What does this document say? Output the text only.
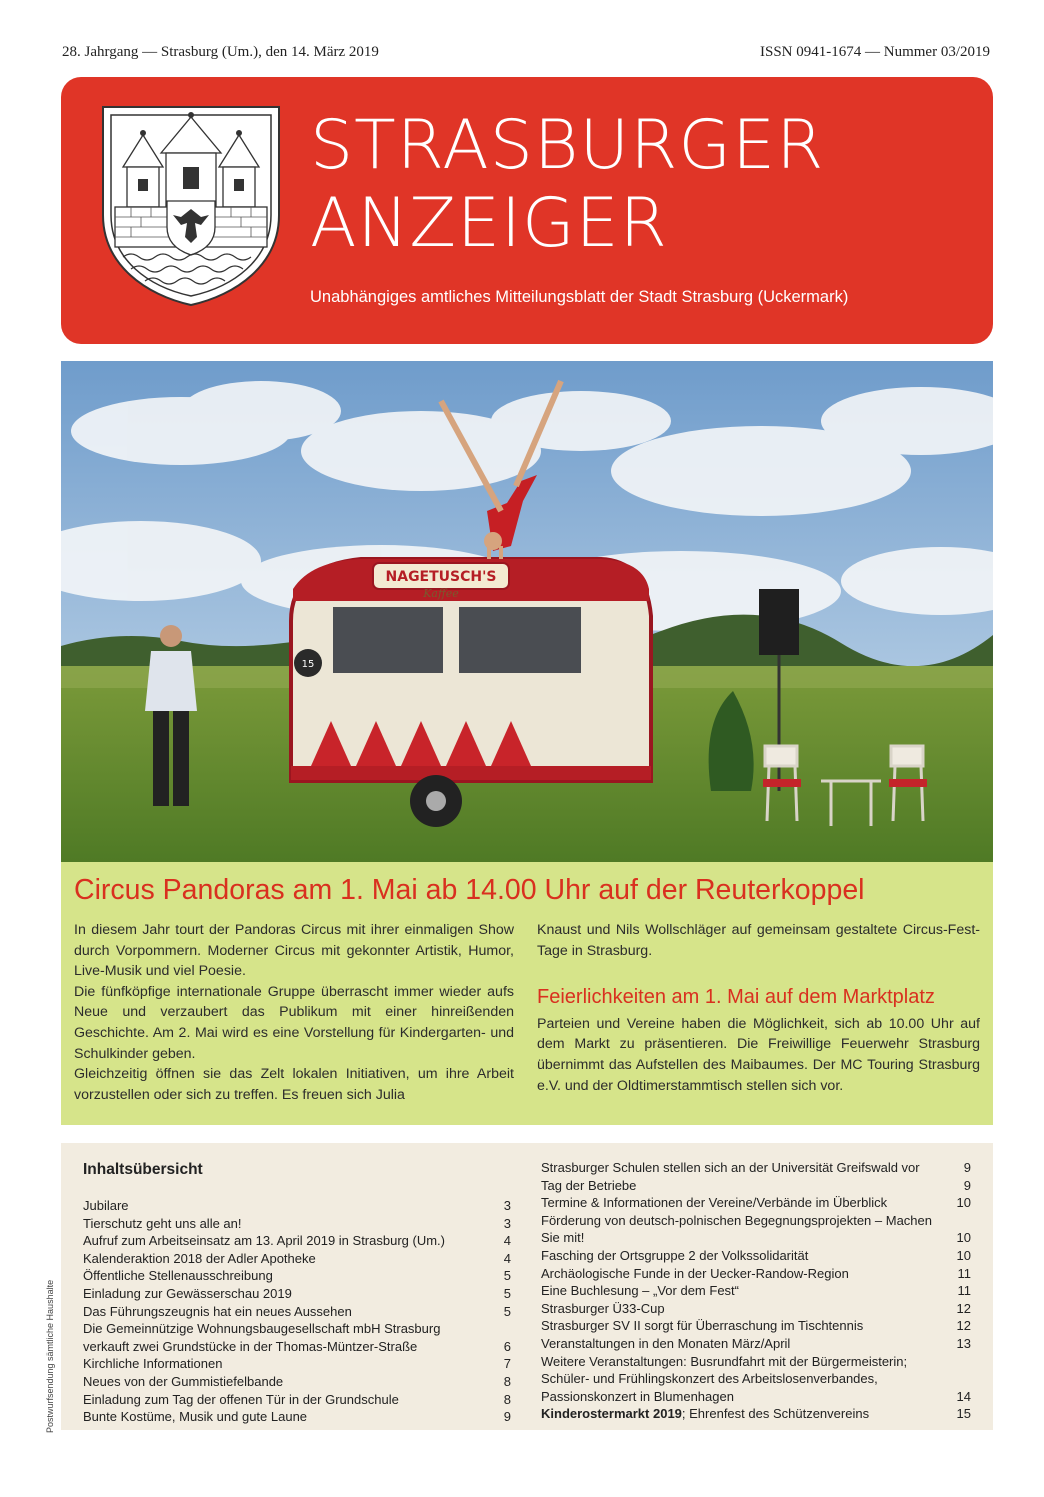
28. Jahrgang — Strasburg (Um.), den 14. März 2019	ISSN 0941-1674 — Nummer 03/2019
STRASBURGER
ANZEIGER
Unabhängiges amtliches Mitteilungsblatt der Stadt Strasburg (Uckermark)
NAGETUSCH'S
Kaffee
15
Circus Pandoras am 1. Mai ab 14.00 Uhr auf der Reuterkoppel

In diesem Jahr tourt der Pandoras Circus mit ihrer einmaligen Show durch Vorpommern. Moderner Circus mit gekonnter Artistik, Humor, Live-Musik und viel Poesie.

Die fünfköpfige internationale Gruppe überrascht immer wieder aufs Neue und verzaubert das Publikum mit einer hinreißenden Geschichte. Am 2. Mai wird es eine Vorstellung für Kindergarten- und Schulkinder geben.

Gleichzeitig öffnen sie das Zelt lokalen Initiativen, um ihre Arbeit vorzustellen oder sich zu treffen. Es freuen sich Julia

Knaust und Nils Wollschläger auf gemeinsam gestaltete Circus-Fest-Tage in Strasburg.

Feierlichkeiten am 1. Mai auf dem Marktplatz

Parteien und Vereine haben die Möglichkeit, sich ab 10.00 Uhr auf dem Markt zu präsentieren. Die Freiwillige Feuerwehr Strasburg übernimmt das Aufstellen des Maibaumes. Der MC Touring Strasburg e.V. und der Oldtimerstammtisch stellen sich vor.

Inhaltsübersicht
Jubilare	3
Tierschutz geht uns alle an!	3
Aufruf zum Arbeitseinsatz am 13. April 2019 in Strasburg (Um.)	4
Kalenderaktion 2018 der Adler Apotheke	4
Öffentliche Stellenausschreibung	5
Einladung zur Gewässerschau 2019	5
Das Führungszeugnis hat ein neues Aussehen	5
Die Gemeinnützige Wohnungsbaugesellschaft mbH Strasburg verkauft zwei Grundstücke in der Thomas-Müntzer-Straße	6
Kirchliche Informationen	7
Neues von der Gummistiefelbande	8
Einladung zum Tag der offenen Tür in der Grundschule	8
Bunte Kostüme, Musik und gute Laune	9
Strasburger Schulen stellen sich an der Universität Greifswald vor	9
Tag der Betriebe	9
Termine & Informationen der Vereine/Verbände im Überblick	10
Förderung von deutsch-polnischen Begegnungsprojekten – Machen Sie mit!	10
Fasching der Ortsgruppe 2 der Volkssolidarität	10
Archäologische Funde in der Uecker-Randow-Region	11
Eine Buchlesung – „Vor dem Fest“	11
Strasburger Ü33-Cup	12
Strasburger SV II sorgt für Überraschung im Tischtennis	12
Veranstaltungen in den Monaten März/April	13
Weitere Veranstaltungen: Busrundfahrt mit der Bürgermeisterin; Schüler- und Frühlingskonzert des Arbeitslosenverbandes, Passionskonzert in Blumenhagen	14
Kinderostermarkt 2019; Ehrenfest des Schützenvereins	15
Postwurfsendung sämtliche Haushalte
